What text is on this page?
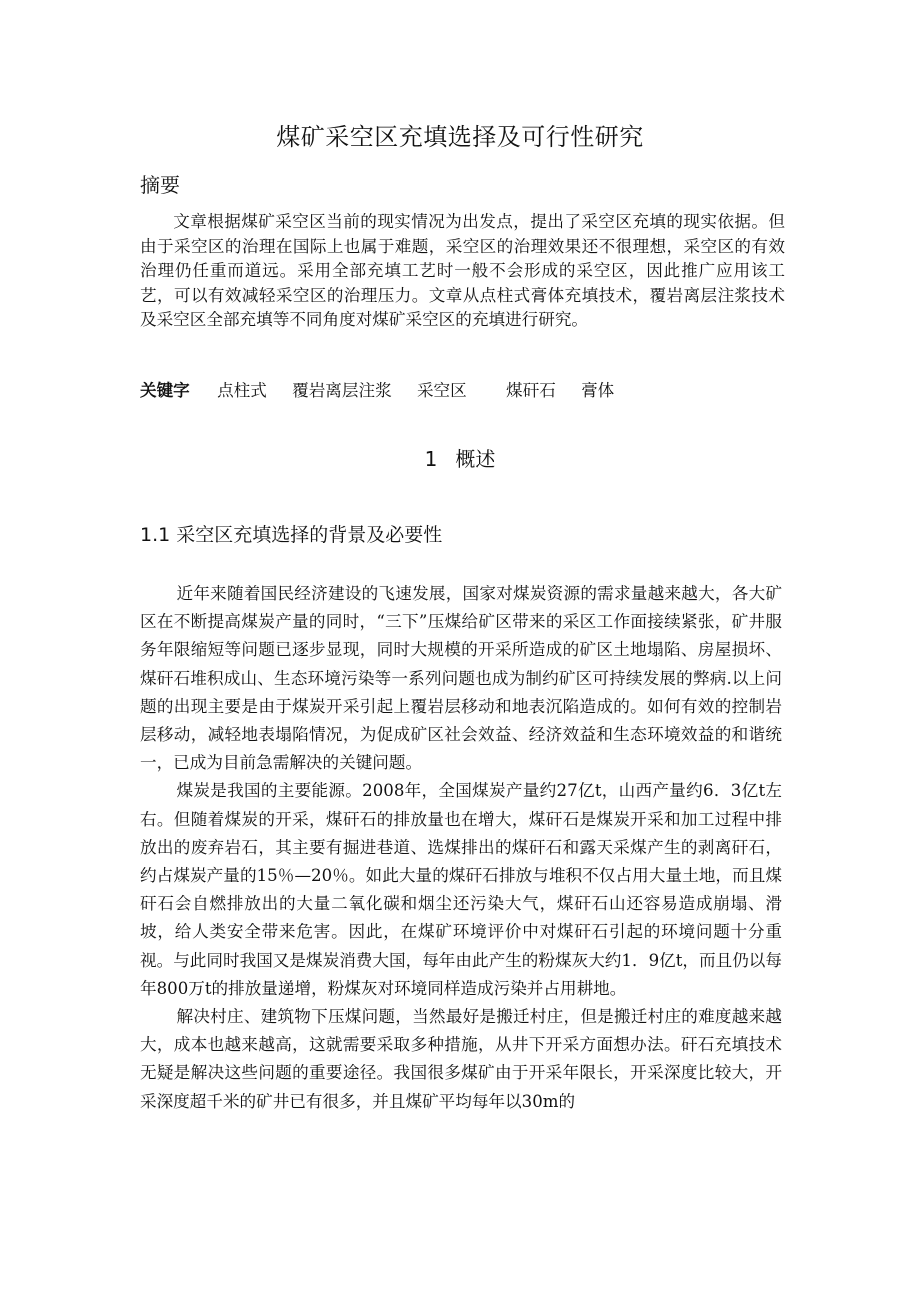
煤矿采空区充填选择及可行性研究
摘要

文章根据煤矿采空区当前的现实情况为出发点，提出了采空区充填的现实依据。但由于采空区的治理在国际上也属于难题，采空区的治理效果还不很理想，采空区的有效治理仍任重而道远。采用全部充填工艺时一般不会形成的采空区，因此推广应用该工艺，可以有效减轻采空区的治理压力。文章从点柱式膏体充填技术，覆岩离层注浆技术及采空区全部充填等不同角度对煤矿采空区的充填进行研究。

关键字 点柱式 覆岩离层注浆 采空区 煤矸石 膏体
1 概述
1.1 采空区充填选择的背景及必要性

近年来随着国民经济建设的飞速发展，国家对煤炭资源的需求量越来越大，各大矿区在不断提高煤炭产量的同时，“三下”压煤给矿区带来的采区工作面接续紧张，矿井服务年限缩短等问题已逐步显现，同时大规模的开采所造成的矿区土地塌陷、房屋损坏、煤矸石堆积成山、生态环境污染等一系列问题也成为制约矿区可持续发展的弊病.以上问题的出现主要是由于煤炭开采引起上覆岩层移动和地表沉陷造成的。如何有效的控制岩层移动，减轻地表塌陷情况，为促成矿区社会效益、经济效益和生态环境效益的和谐统一，已成为目前急需解决的关键问题。

煤炭是我国的主要能源。2008年，全国煤炭产量约27亿t，山西产量约6．3亿t左右。但随着煤炭的开采，煤矸石的排放量也在增大，煤矸石是煤炭开采和加工过程中排放出的废弃岩石，其主要有掘进巷道、选煤排出的煤矸石和露天采煤产生的剥离矸石，约占煤炭产量的15％—20％。如此大量的煤矸石排放与堆积不仅占用大量土地，而且煤矸石会自燃排放出的大量二氧化碳和烟尘还污染大气，煤矸石山还容易造成崩塌、滑坡，给人类安全带来危害。因此，在煤矿环境评价中对煤矸石引起的环境问题十分重视。与此同时我国又是煤炭消费大国，每年由此产生的粉煤灰大约1．9亿t，而且仍以每年800万t的排放量递增，粉煤灰对环境同样造成污染并占用耕地。

解决村庄、建筑物下压煤问题，当然最好是搬迁村庄，但是搬迁村庄的难度越来越大，成本也越来越高，这就需要采取多种措施，从井下开采方面想办法。矸石充填技术无疑是解决这些问题的重要途径。我国很多煤矿由于开采年限长，开采深度比较大，开采深度超千米的矿井已有很多，并且煤矿平均每年以30m的
